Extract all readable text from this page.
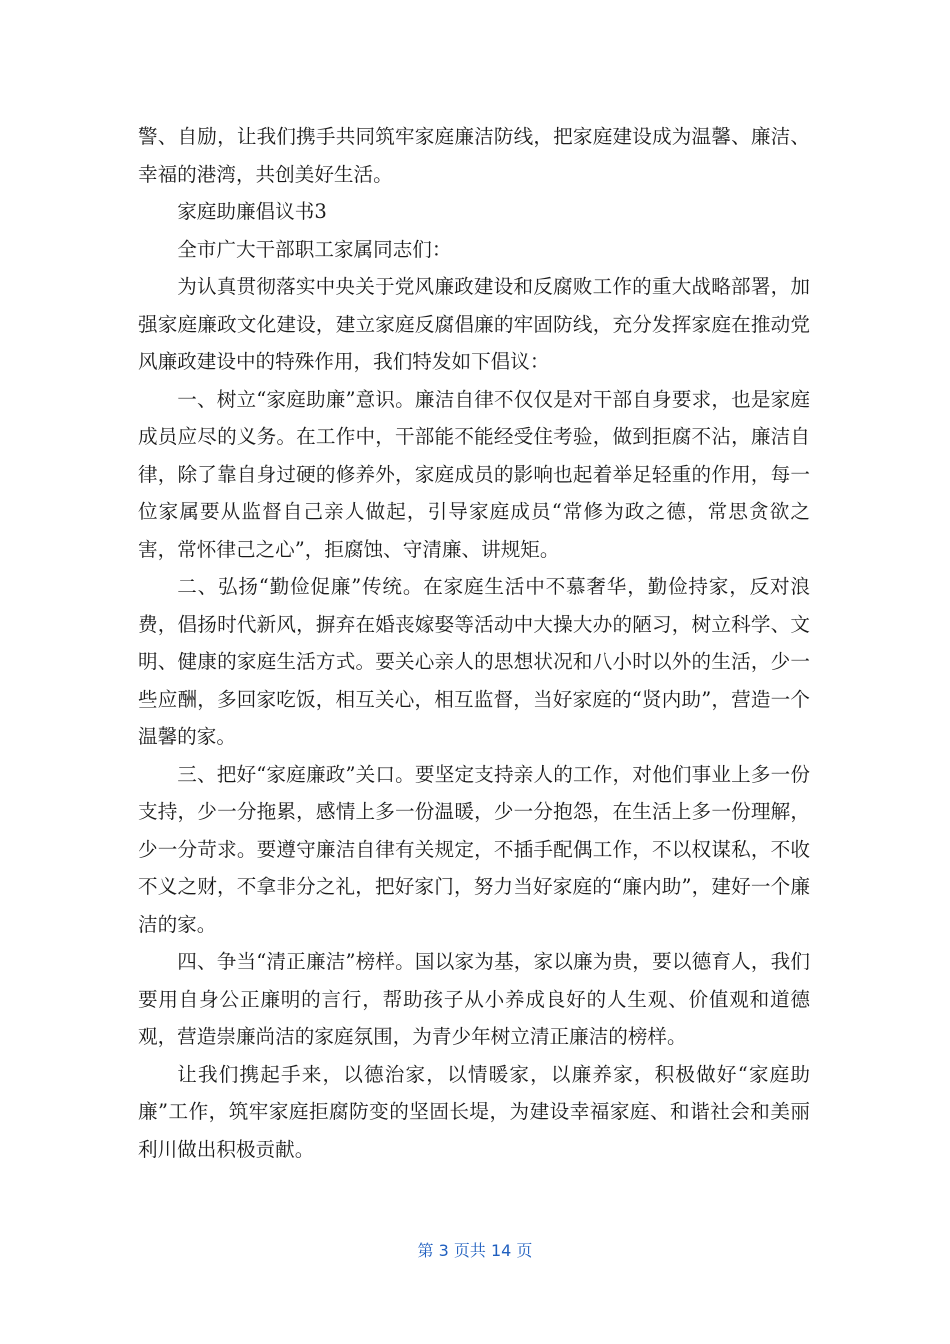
警、自励，让我们携手共同筑牢家庭廉洁防线，把家庭建设成为温馨、廉洁、幸福的港湾，共创美好生活。

家庭助廉倡议书3

全市广大干部职工家属同志们：

为认真贯彻落实中央关于党风廉政建设和反腐败工作的重大战略部署，加强家庭廉政文化建设，建立家庭反腐倡廉的牢固防线，充分发挥家庭在推动党风廉政建设中的特殊作用，我们特发如下倡议：

一、树立“家庭助廉”意识。廉洁自律不仅仅是对干部自身要求，也是家庭成员应尽的义务。在工作中，干部能不能经受住考验，做到拒腐不沾，廉洁自律，除了靠自身过硬的修养外，家庭成员的影响也起着举足轻重的作用，每一位家属要从监督自己亲人做起，引导家庭成员“常修为政之德，常思贪欲之害，常怀律己之心”，拒腐蚀、守清廉、讲规矩。

二、弘扬“勤俭促廉”传统。在家庭生活中不慕奢华，勤俭持家，反对浪费，倡扬时代新风，摒弃在婚丧嫁娶等活动中大操大办的陋习，树立科学、文明、健康的家庭生活方式。要关心亲人的思想状况和八小时以外的生活，少一些应酬，多回家吃饭，相互关心，相互监督，当好家庭的“贤内助”，营造一个温馨的家。

三、把好“家庭廉政”关口。要坚定支持亲人的工作，对他们事业上多一份支持，少一分拖累，感情上多一份温暖，少一分抱怨，在生活上多一份理解，少一分苛求。要遵守廉洁自律有关规定，不插手配偶工作，不以权谋私，不收不义之财，不拿非分之礼，把好家门，努力当好家庭的“廉内助”，建好一个廉洁的家。

四、争当“清正廉洁”榜样。国以家为基，家以廉为贵，要以德育人，我们要用自身公正廉明的言行，帮助孩子从小养成良好的人生观、价值观和道德观，营造崇廉尚洁的家庭氛围，为青少年树立清正廉洁的榜样。

让我们携起手来，以德治家，以情暖家，以廉养家，积极做好“家庭助廉”工作，筑牢家庭拒腐防变的坚固长堤，为建设幸福家庭、和谐社会和美丽利川做出积极贡献。

第 3 页共 14 页
